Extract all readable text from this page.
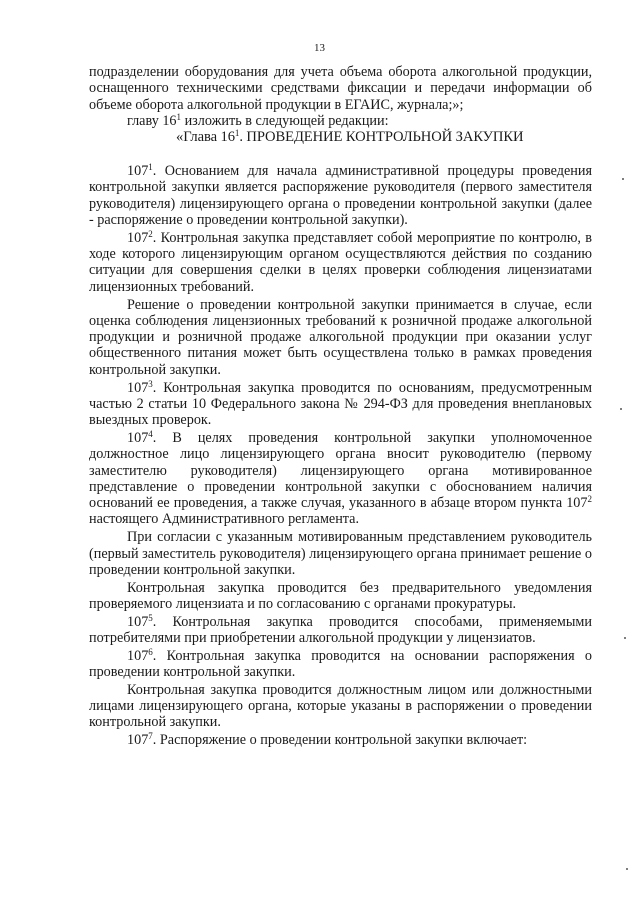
13

подразделении оборудования для учета объема оборота алкогольной продукции, оснащенного техническими средствами фиксации и передачи информации об объеме оборота алкогольной продукции в ЕГАИС, журнала;»;

главу $16^1$ изложить в следующей редакции:

«Глава $16^1$. ПРОВЕДЕНИЕ КОНТРОЛЬНОЙ ЗАКУПКИ

$107^1$. Основанием для начала административной процедуры проведения контрольной закупки является распоряжение руководителя (первого заместителя руководителя) лицензирующего органа о проведении контрольной закупки (далее - распоряжение о проведении контрольной закупки).

$107^2$. Контрольная закупка представляет собой мероприятие по контролю, в ходе которого лицензирующим органом осуществляются действия по созданию ситуации для совершения сделки в целях проверки соблюдения лицензиатами лицензионных требований.

Решение о проведении контрольной закупки принимается в случае, если оценка соблюдения лицензионных требований к розничной продаже алкогольной продукции и розничной продаже алкогольной продукции при оказании услуг общественного питания может быть осуществлена только в рамках проведения контрольной закупки.

$107^3$. Контрольная закупка проводится по основаниям, предусмотренным частью 2 статьи 10 Федерального закона № 294-ФЗ для проведения внеплановых выездных проверок.

$107^4$. В целях проведения контрольной закупки уполномоченное должностное лицо лицензирующего органа вносит руководителю (первому заместителю руководителя) лицензирующего органа мотивированное представление о проведении контрольной закупки с обоснованием наличия оснований ее проведения, а также случая, указанного в абзаце втором пункта $107^2$ настоящего Административного регламента.

При согласии с указанным мотивированным представлением руководитель (первый заместитель руководителя) лицензирующего органа принимает решение о проведении контрольной закупки.

Контрольная закупка проводится без предварительного уведомления проверяемого лицензиата и по согласованию с органами прокуратуры.

$107^5$. Контрольная закупка проводится способами, применяемыми потребителями при приобретении алкогольной продукции у лицензиатов.

$107^6$. Контрольная закупка проводится на основании распоряжения о проведении контрольной закупки.

Контрольная закупка проводится должностным лицом или должностными лицами лицензирующего органа, которые указаны в распоряжении о проведении контрольной закупки.

$107^7$. Распоряжение о проведении контрольной закупки включает:
